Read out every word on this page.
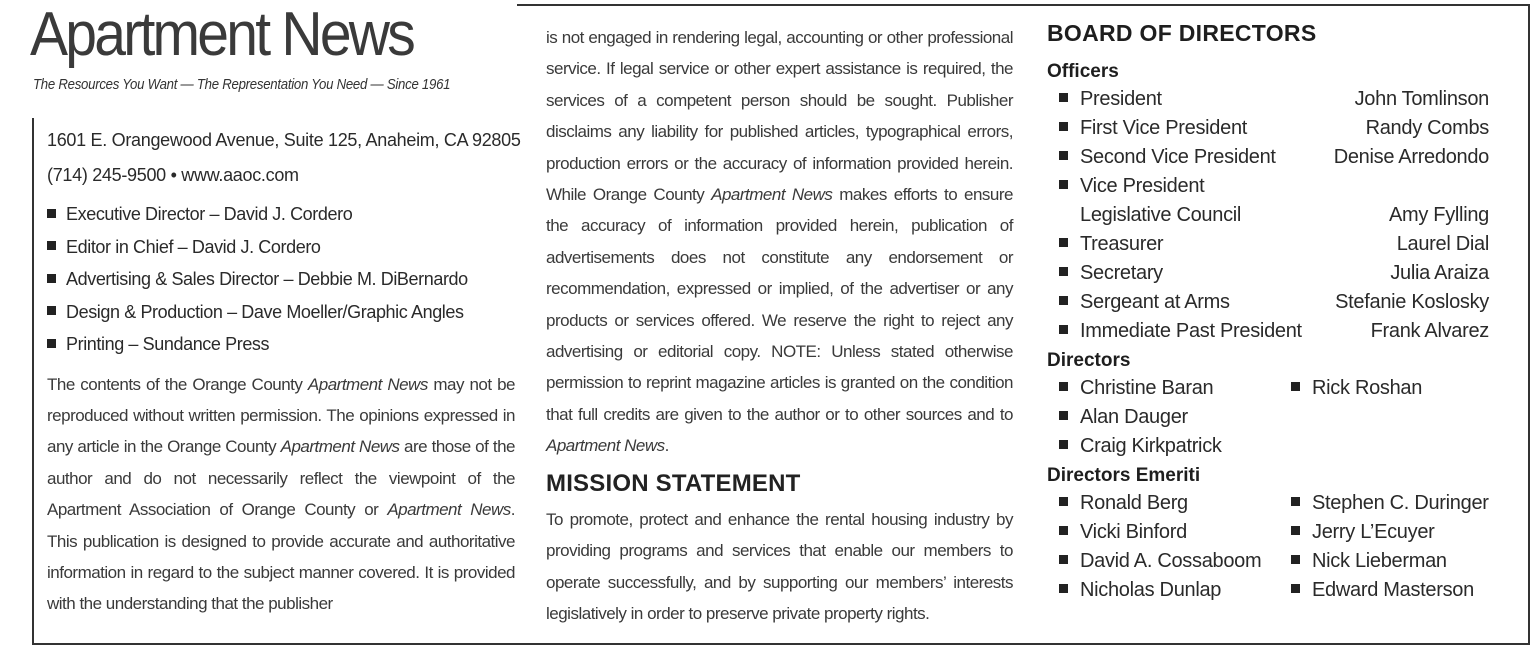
Apartment News
The Resources You Want — The Representation You Need — Since 1961
1601 E. Orangewood Avenue, Suite 125, Anaheim, CA 92805
(714) 245-9500 • www.aaoc.com
Executive Director – David J. Cordero
Editor in Chief – David J. Cordero
Advertising & Sales Director – Debbie M. DiBernardo
Design & Production – Dave Moeller/Graphic Angles
Printing – Sundance Press
The contents of the Orange County Apartment News may not be reproduced without written permission. The opinions expressed in any article in the Orange County Apartment News are those of the author and do not necessarily reflect the viewpoint of the Apartment Association of Orange County or Apartment News. This publication is designed to provide accurate and authoritative information in regard to the subject manner covered. It is provided with the understanding that the publisher
is not engaged in rendering legal, accounting or other professional service. If legal service or other expert assistance is required, the services of a competent person should be sought. Publisher disclaims any liability for published articles, typographical errors, production errors or the accuracy of information provided herein. While Orange County Apartment News makes efforts to ensure the accuracy of information provided herein, publication of advertisements does not constitute any endorsement or recommendation, expressed or implied, of the advertiser or any products or services offered. We reserve the right to reject any advertising or editorial copy. NOTE: Unless stated otherwise permission to reprint magazine articles is granted on the condition that full credits are given to the author or to other sources and to Apartment News.
MISSION STATEMENT
To promote, protect and enhance the rental housing industry by providing programs and services that enable our members to operate successfully, and by supporting our members’ interests legislatively in order to preserve private property rights.
BOARD OF DIRECTORS
Officers
President	John Tomlinson
First Vice President	Randy Combs
Second Vice President	Denise Arredondo
Vice President
Legislative Council	Amy Fylling
Treasurer	Laurel Dial
Secretary	Julia Araiza
Sergeant at Arms	Stefanie Koslosky
Immediate Past President	Frank Alvarez
Directors
Christine Baran	Rick Roshan
Alan Dauger
Craig Kirkpatrick
Directors Emeriti
Ronald Berg	Stephen C. Duringer
Vicki Binford	Jerry L’Ecuyer
David A. Cossaboom	Nick Lieberman
Nicholas Dunlap	Edward Masterson
